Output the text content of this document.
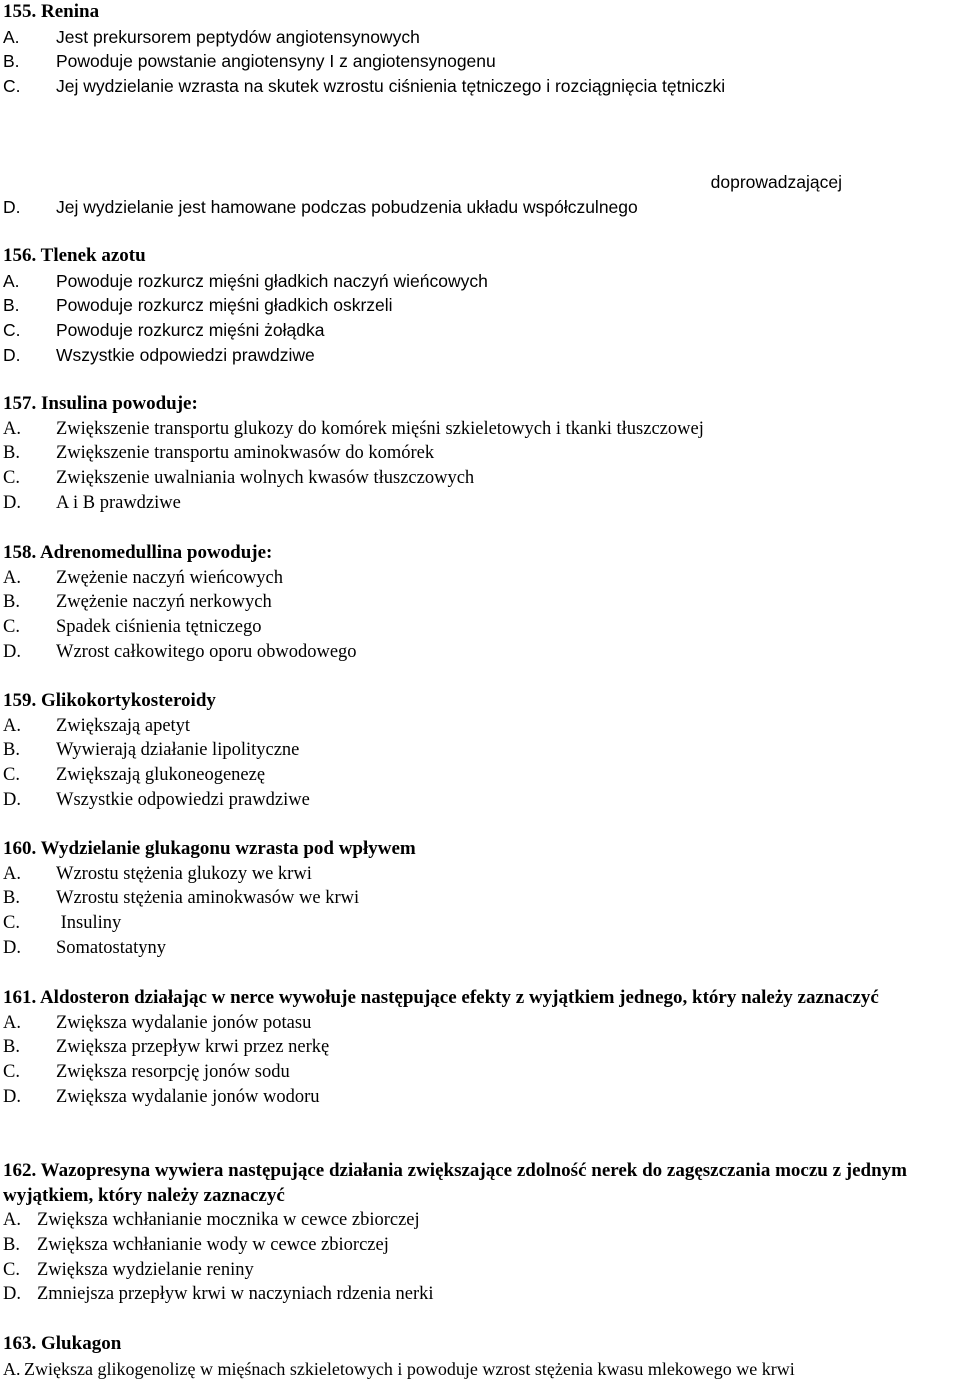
155. Renina
A.	Jest prekursorem peptydów angiotensynowych
B.	Powoduje powstanie angiotensyny I z angiotensynogenu
C.	Jej wydzielanie wzrasta na skutek wzrostu ciśnienia tętniczego i rozciągnięcia tętniczki
doprowadzającej
D.	Jej wydzielanie jest hamowane podczas pobudzenia układu współczulnego
156. Tlenek azotu
A.	Powoduje rozkurcz mięśni gładkich naczyń wieńcowych
B.	Powoduje rozkurcz mięśni gładkich oskrzeli
C.	Powoduje rozkurcz mięśni żołądka
D.	Wszystkie odpowiedzi prawdziwe
157. Insulina powoduje:
A.	Zwiększenie transportu glukozy do komórek mięśni szkieletowych i tkanki tłuszczowej
B.	Zwiększenie transportu aminokwasów do komórek
C.	Zwiększenie uwalniania wolnych kwasów tłuszczowych
D.	A i B prawdziwe
158. Adrenomedullina powoduje:
A.	Zwężenie naczyń wieńcowych
B.	Zwężenie naczyń nerkowych
C.	Spadek ciśnienia tętniczego
D.	Wzrost całkowitego oporu obwodowego
159. Glikokortykosteroidy
A.	Zwiększają apetyt
B.	Wywierają działanie lipolityczne
C.	Zwiększają glukoneogenezę
D.	Wszystkie odpowiedzi prawdziwe
160. Wydzielanie glukagonu wzrasta pod wpływem
A.	Wzrostu stężenia glukozy we krwi
B.	Wzrostu stężenia aminokwasów we krwi
C.	Insuliny
D.	Somatostatyny
161. Aldosteron działając w nerce wywołuje następujące efekty z wyjątkiem jednego, który należy zaznaczyć
A.	Zwiększa wydalanie jonów potasu
B.	Zwiększa przepływ krwi przez nerkę
C.	Zwiększa resorpcję jonów sodu
D.	Zwiększa wydalanie jonów wodoru
162. Wazopresyna wywiera następujące działania zwiększające zdolność nerek do zagęszczania moczu z jednym wyjątkiem, który należy zaznaczyć
A. Zwiększa wchłanianie mocznika w cewce zbiorczej
B. Zwiększa wchłanianie wody w cewce zbiorczej
C. Zwiększa wydzielanie reniny
D. Zmniejsza przepływ krwi w naczyniach rdzenia nerki
163. Glukagon
A. Zwiększa glikogenolizę w mięśnach szkieletowych i powoduje wzrost stężenia kwasu mlekowego we krwi
